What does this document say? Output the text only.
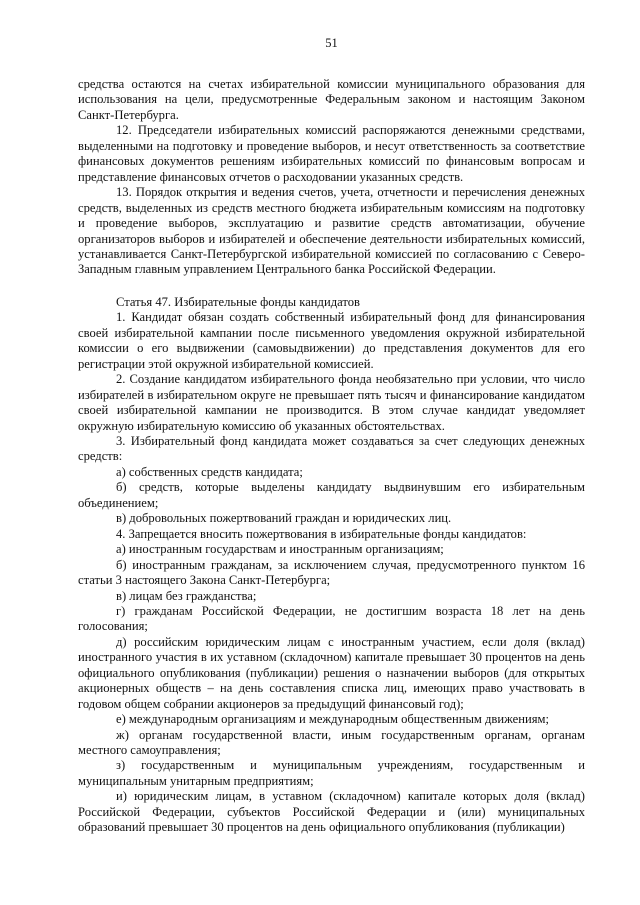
51

средства остаются на счетах избирательной комиссии муниципального образования для использования на цели, предусмотренные Федеральным законом и настоящим Законом Санкт-Петербурга.

12. Председатели избирательных комиссий распоряжаются денежными средствами, выделенными на подготовку и проведение выборов, и несут ответственность за соответствие финансовых документов решениям избирательных комиссий по финансовым вопросам и представление финансовых отчетов о расходовании указанных средств.

13. Порядок открытия и ведения счетов, учета, отчетности и перечисления денежных средств, выделенных из средств местного бюджета избирательным комиссиям на подготовку и проведение выборов, эксплуатацию и развитие средств автоматизации, обучение организаторов выборов и избирателей и обеспечение деятельности избирательных комиссий, устанавливается Санкт-Петербургской избирательной комиссией по согласованию с Северо-Западным главным управлением Центрального банка Российской Федерации.

Статья 47. Избирательные фонды кандидатов

1. Кандидат обязан создать собственный избирательный фонд для финансирования своей избирательной кампании после письменного уведомления окружной избирательной комиссии о его выдвижении (самовыдвижении) до представления документов для его регистрации этой окружной избирательной комиссией.

2. Создание кандидатом избирательного фонда необязательно при условии, что число избирателей в избирательном округе не превышает пять тысяч и финансирование кандидатом своей избирательной кампании не производится. В этом случае кандидат уведомляет окружную избирательную комиссию об указанных обстоятельствах.

3. Избирательный фонд кандидата может создаваться за счет следующих денежных средств:

а) собственных средств кандидата;

б) средств, которые выделены кандидату выдвинувшим его избирательным объединением;

в) добровольных пожертвований граждан и юридических лиц.

4. Запрещается вносить пожертвования в избирательные фонды кандидатов:

а) иностранным государствам и иностранным организациям;

б) иностранным гражданам, за исключением случая, предусмотренного пунктом 16 статьи 3 настоящего Закона Санкт-Петербурга;

в) лицам без гражданства;

г) гражданам Российской Федерации, не достигшим возраста 18 лет на день голосования;

д) российским юридическим лицам с иностранным участием, если доля (вклад) иностранного участия в их уставном (складочном) капитале превышает 30 процентов на день официального опубликования (публикации) решения о назначении выборов (для открытых акционерных обществ – на день составления списка лиц, имеющих право участвовать в годовом общем собрании акционеров за предыдущий финансовый год);

е) международным организациям и международным общественным движениям;

ж) органам государственной власти, иным государственным органам, органам местного самоуправления;

з) государственным и муниципальным учреждениям, государственным и муниципальным унитарным предприятиям;

и) юридическим лицам, в уставном (складочном) капитале которых доля (вклад) Российской Федерации, субъектов Российской Федерации и (или) муниципальных образований превышает 30 процентов на день официального опубликования (публикации)
